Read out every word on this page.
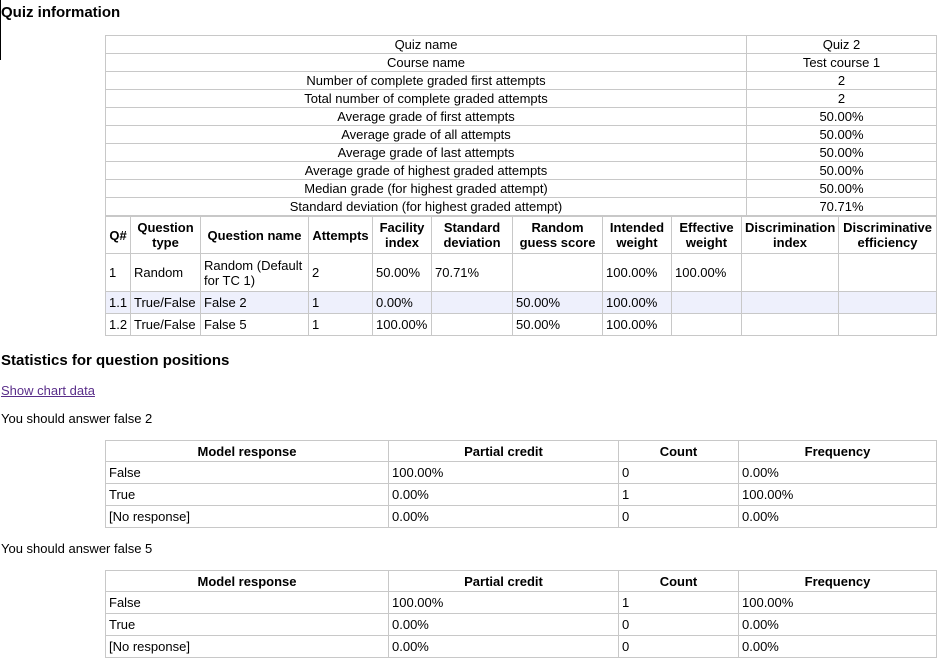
Quiz information
Quiz name	Quiz 2
Course name	Test course 1
Number of complete graded first attempts	2
Total number of complete graded attempts	2
Average grade of first attempts	50.00%
Average grade of all attempts	50.00%
Average grade of last attempts	50.00%
Average grade of highest graded attempts	50.00%
Median grade (for highest graded attempt)	50.00%
Standard deviation (for highest graded attempt)	70.71%
Q#	Question type	Question name	Attempts	Facility index	Standard deviation	Random guess score	Intended weight	Effective weight	Discrimination index	Discriminative efficiency
1	Random	Random (Default for TC 1)	2	50.00%	70.71%		100.00%	100.00%		
1.1	True/False	False 2	1	0.00%		50.00%	100.00%			
1.2	True/False	False 5	1	100.00%		50.00%	100.00%			
Statistics for question positions
Show chart data
You should answer false 2
Model response	Partial credit	Count	Frequency
False	100.00%	0	0.00%
True	0.00%	1	100.00%
[No response]	0.00%	0	0.00%
You should answer false 5
Model response	Partial credit	Count	Frequency
False	100.00%	1	100.00%
True	0.00%	0	0.00%
[No response]	0.00%	0	0.00%
